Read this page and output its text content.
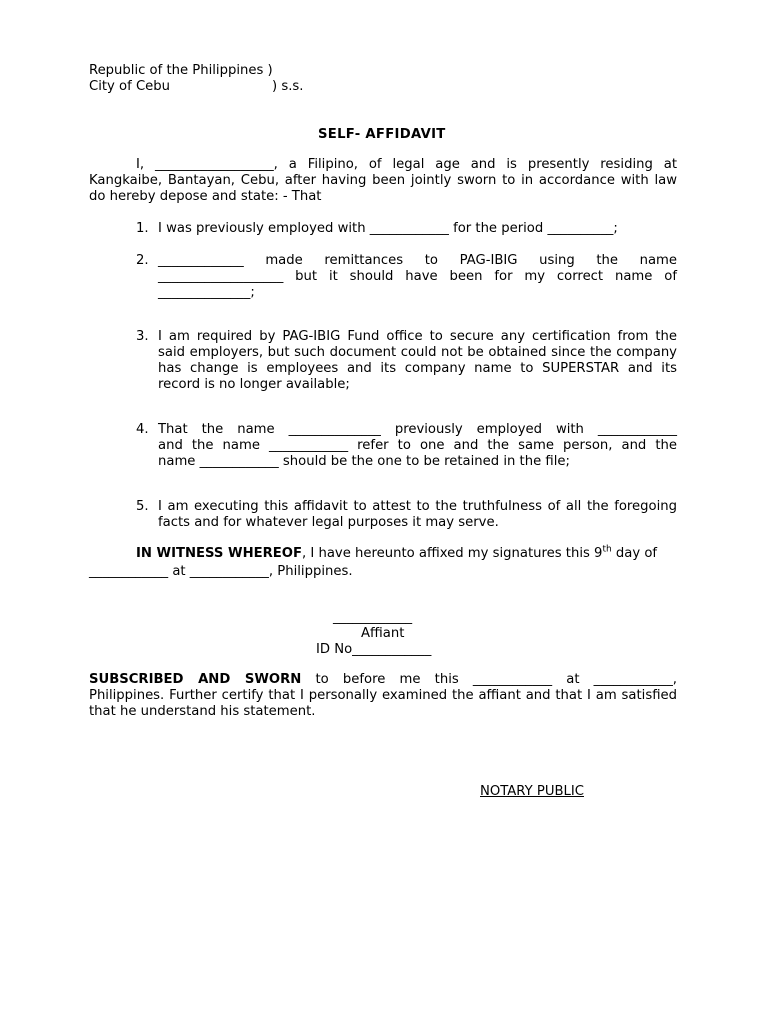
Republic of the Philippines )
City of Cebu	) s.s.
SELF- AFFIDAVIT
I, __________________, a Filipino, of legal age and is presently residing at
Kangkaibe, Bantayan, Cebu, after having been jointly sworn to in accordance with law
do hereby depose and state: - That
1. I was previously employed with ____________ for the period __________;
2. _____________ made remittances to PAG-IBIG using the name
___________________ but it should have been for my correct name of
______________;
3. I am required by PAG-IBIG Fund office to secure any certification from the
said employers, but such document could not be obtained since the company
has change is employees and its company name to SUPERSTAR and its
record is no longer available;
4. That the name ______________ previously employed with ____________
and the name ____________ refer to one and the same person, and the
name ____________ should be the one to be retained in the file;
5. I am executing this affidavit to attest to the truthfulness of all the foregoing
facts and for whatever legal purposes it may serve.
IN WITNESS WHEREOF, I have hereunto affixed my signatures this 9th day of
____________ at ____________, Philippines.
____________
Affiant
ID No____________
SUBSCRIBED AND SWORN to before me this ____________ at ____________,
Philippines. Further certify that I personally examined the affiant and that I am satisfied
that he understand his statement.
NOTARY PUBLIC
